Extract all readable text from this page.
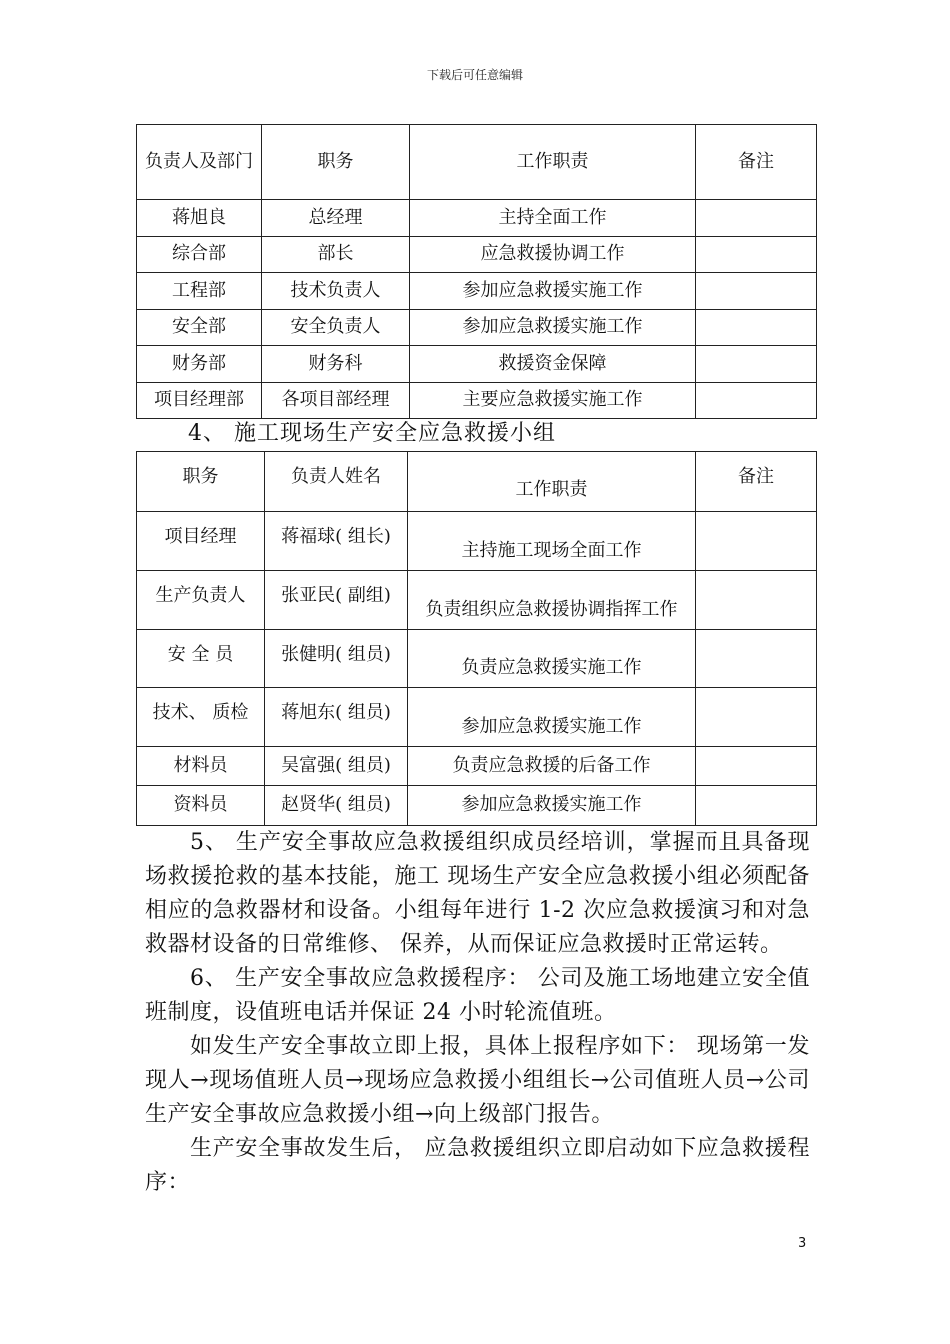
下载后可任意编辑
负责人及部门	职务	工作职责	备注
蒋旭良	总经理	主持全面工作	
综合部	部长	应急救援协调工作	
工程部	技术负责人	参加应急救援实施工作	
安全部	安全负责人	参加应急救援实施工作	
财务部	财务科	救援资金保障	
项目经理部	各项目部经理	主要应急救援实施工作	
4、 施工现场生产安全应急救援小组
职务	负责人姓名	工作职责	备注
项目经理	蒋福球( 组长)	主持施工现场全面工作	
生产负责人	张亚民( 副组)	负责组织应急救援协调指挥工作	
安 全 员	张健明( 组员)	负责应急救援实施工作	
技术、 质检	蒋旭东( 组员)	参加应急救援实施工作	
材料员	吴富强( 组员)	负责应急救援的后备工作	
资料员	赵贤华( 组员)	参加应急救援实施工作	

5、 生产安全事故应急救援组织成员经培训，掌握而且具备现场救援抢救的基本技能，施工 现场生产安全应急救援小组必须配备相应的急救器材和设备。小组每年进行 1-2 次应急救援演习和对急救器材设备的日常维修、 保养，从而保证应急救援时正常运转。

6、 生产安全事故应急救援程序： 公司及施工场地建立安全值班制度，设值班电话并保证 24 小时轮流值班。

如发生产安全事故立即上报，具体上报程序如下： 现场第一发现人→现场值班人员→现场应急救援小组组长→公司值班人员→公司生产安全事故应急救援小组→向上级部门报告。

生产安全事故发生后， 应急救援组织立即启动如下应急救援程序：

3
